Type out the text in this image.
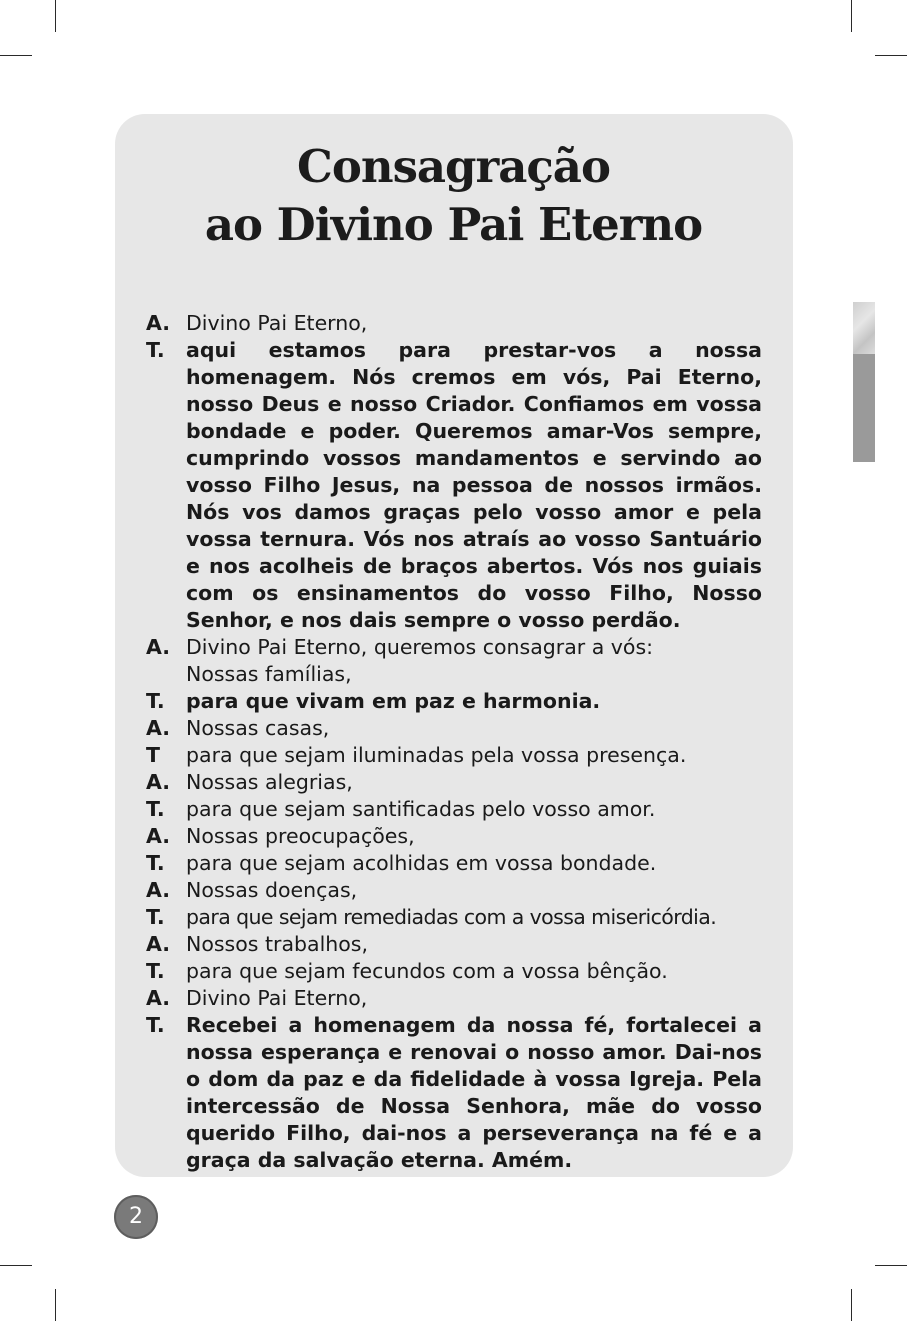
Consagração
ao Divino Pai Eterno
A. Divino Pai Eterno,
T.	aqui estamos para prestar-vos a nossa homenagem. Nós cremos em vós, Pai Eterno, nosso Deus e nosso Criador. Confiamos em vossa bondade e poder. Queremos amar-Vos sempre, cumprindo vossos mandamentos e servindo ao vosso Filho Jesus, na pessoa de nossos irmãos. Nós vos damos graças pelo vosso amor e pela vossa ternura. Vós nos atraís ao vosso Santuário e nos acolheis de braços abertos. Vós nos guiais com os ensinamentos do vosso Filho, Nosso Senhor, e nos dais sempre o vosso perdão.
A. Divino Pai Eterno, queremos consagrar a vós:
Nossas famílias,
T.	para que vivam em paz e harmonia.
A. Nossas casas,
T	para que sejam iluminadas pela vossa presença.
A. Nossas alegrias,
T.	para que sejam santificadas pelo vosso amor.
A. Nossas preocupações,
T.	para que sejam acolhidas em vossa bondade.
A. Nossas doenças,
T.	para que sejam remediadas com a vossa misericórdia.
A. Nossos trabalhos,
T.	para que sejam fecundos com a vossa bênção.
A. Divino Pai Eterno,
T.	Recebei a homenagem da nossa fé, fortalecei a nossa esperança e renovai o nosso amor. Dai-nos o dom da paz e da fidelidade à vossa Igreja. Pela intercessão de Nossa Senhora, mãe do vosso querido Filho, dai-nos a perseverança na fé e a graça da salvação eterna. Amém.
2
